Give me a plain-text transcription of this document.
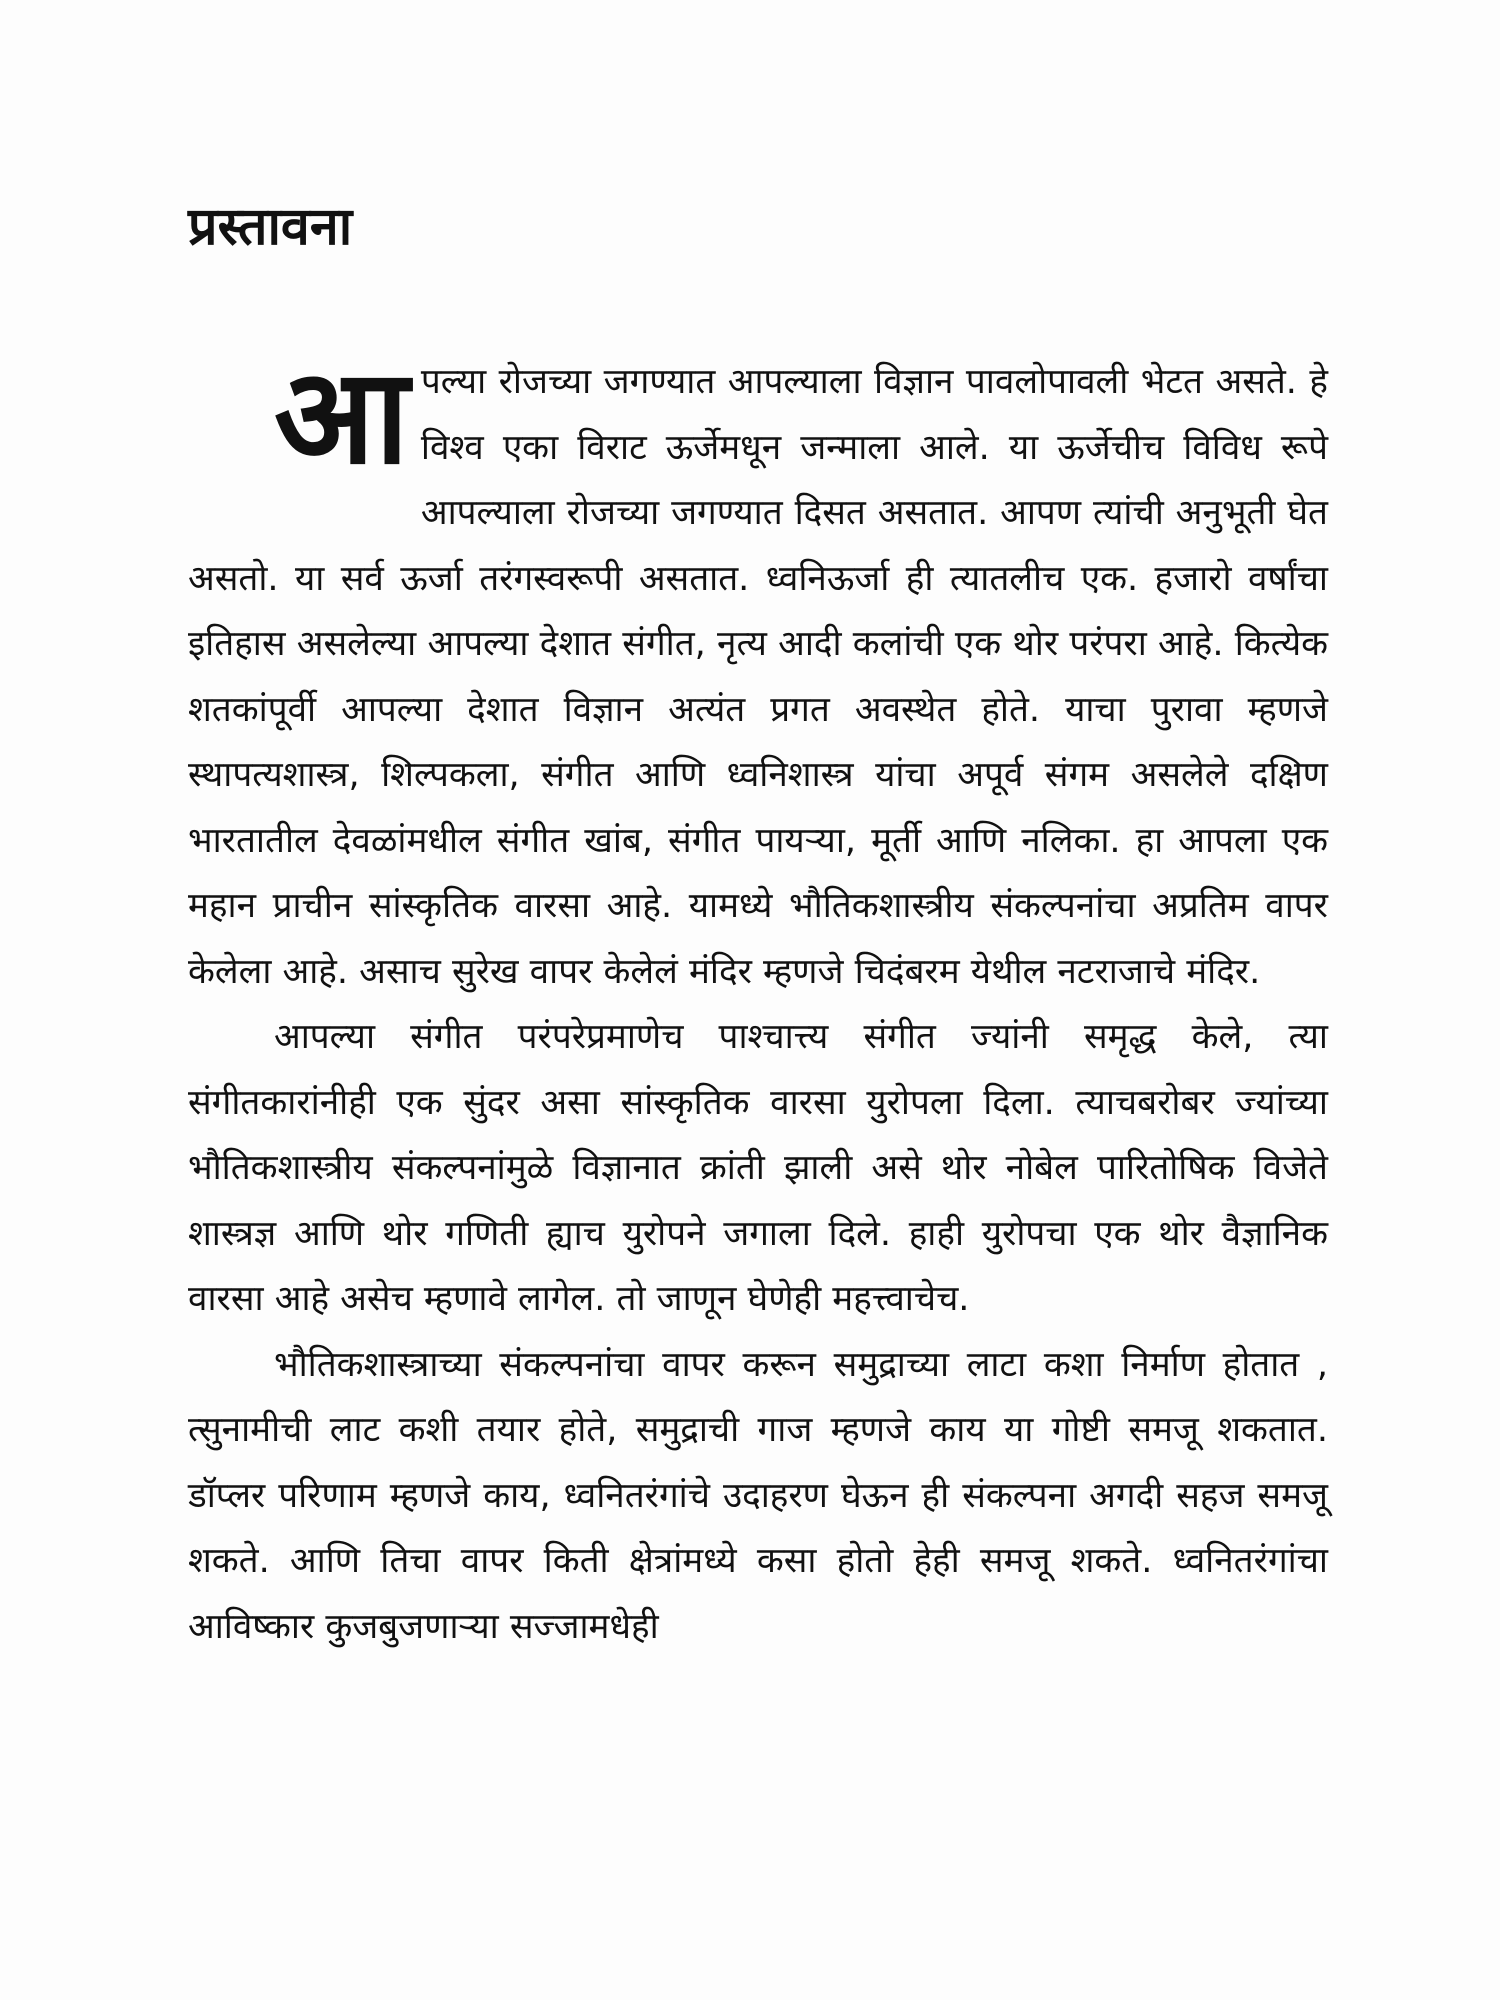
प्रस्तावना

आपल्या रोजच्या जगण्यात आपल्याला विज्ञान पावलोपावली भेटत असते. हे विश्व एका विराट ऊर्जेमधून जन्माला आले. या ऊर्जेचीच विविध रूपे आपल्याला रोजच्या जगण्यात दिसत असतात. आपण त्यांची अनुभूती घेत असतो. या सर्व ऊर्जा तरंगस्वरूपी असतात. ध्वनिऊर्जा ही त्यातलीच एक. हजारो वर्षांचा इतिहास असलेल्या आपल्या देशात संगीत, नृत्य आदी कलांची एक थोर परंपरा आहे. कित्येक शतकांपूर्वी आपल्या देशात विज्ञान अत्यंत प्रगत अवस्थेत होते. याचा पुरावा म्हणजे स्थापत्यशास्त्र, शिल्पकला, संगीत आणि ध्वनिशास्त्र यांचा अपूर्व संगम असलेले दक्षिण भारतातील देवळांमधील संगीत खांब, संगीत पायऱ्या, मूर्ती आणि नलिका. हा आपला एक महान प्राचीन सांस्कृतिक वारसा आहे. यामध्ये भौतिकशास्त्रीय संकल्पनांचा अप्रतिम वापर केलेला आहे. असाच सुरेख वापर केलेलं मंदिर म्हणजे चिदंबरम येथील नटराजाचे मंदिर.

आपल्या संगीत परंपरेप्रमाणेच पाश्चात्त्य संगीत ज्यांनी समृद्ध केले, त्या संगीतकारांनीही एक सुंदर असा सांस्कृतिक वारसा युरोपला दिला. त्याचबरोबर ज्यांच्या भौतिकशास्त्रीय संकल्पनांमुळे विज्ञानात क्रांती झाली असे थोर नोबेल पारितोषिक विजेते शास्त्रज्ञ आणि थोर गणिती ह्याच युरोपने जगाला दिले. हाही युरोपचा एक थोर वैज्ञानिक वारसा आहे असेच म्हणावे लागेल. तो जाणून घेणेही महत्त्वाचेच.

भौतिकशास्त्राच्या संकल्पनांचा वापर करून समुद्राच्या लाटा कशा निर्माण होतात , त्सुनामीची लाट कशी तयार होते, समुद्राची गाज म्हणजे काय या गोष्टी समजू शकतात. डॉप्लर परिणाम म्हणजे काय, ध्वनितरंगांचे उदाहरण घेऊन ही संकल्पना अगदी सहज समजू शकते. आणि तिचा वापर किती क्षेत्रांमध्ये कसा होतो हेही समजू शकते. ध्वनितरंगांचा आविष्कार कुजबुजणाऱ्या सज्जामधेही
